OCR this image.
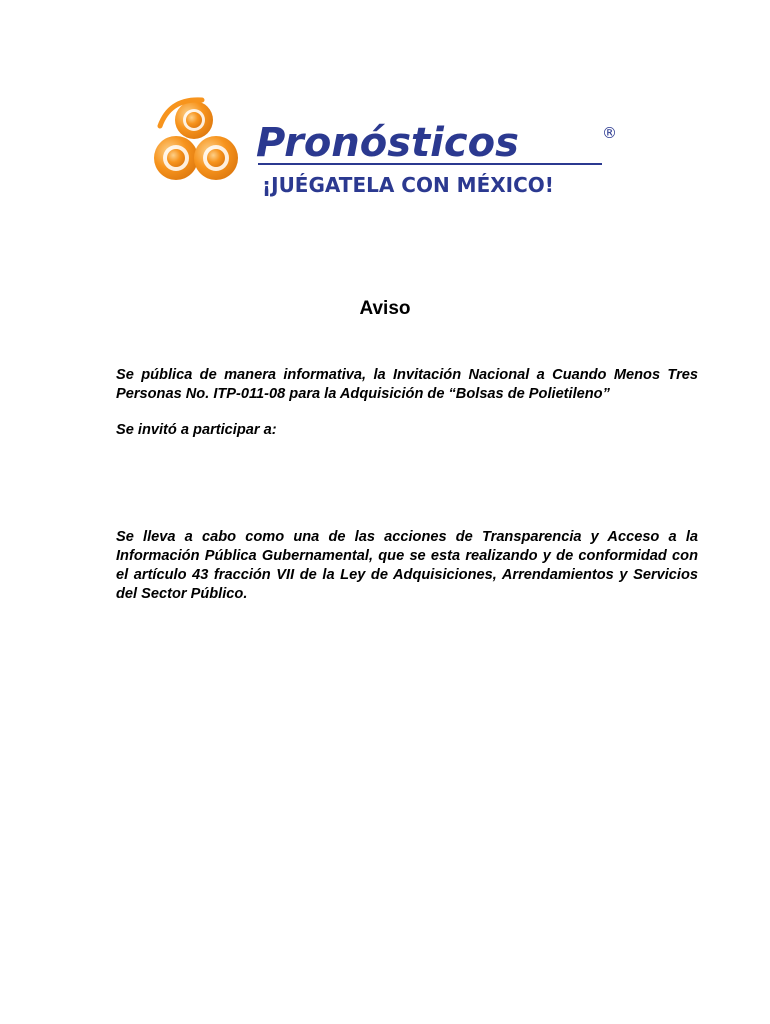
Pronósticos	®
¡JUÉGATELA CON MÉXICO!
Aviso
Se pública de manera informativa, la Invitación Nacional a Cuando Menos Tres Personas No. ITP-011-08 para la Adquisición de “Bolsas de Polietileno”
Se invitó a participar a:
Se lleva a cabo como una de las acciones de Transparencia y Acceso a la Información Pública Gubernamental, que se esta realizando y de conformidad con el artículo 43 fracción VII de la Ley de Adquisiciones, Arrendamientos y Servicios del Sector Público.
